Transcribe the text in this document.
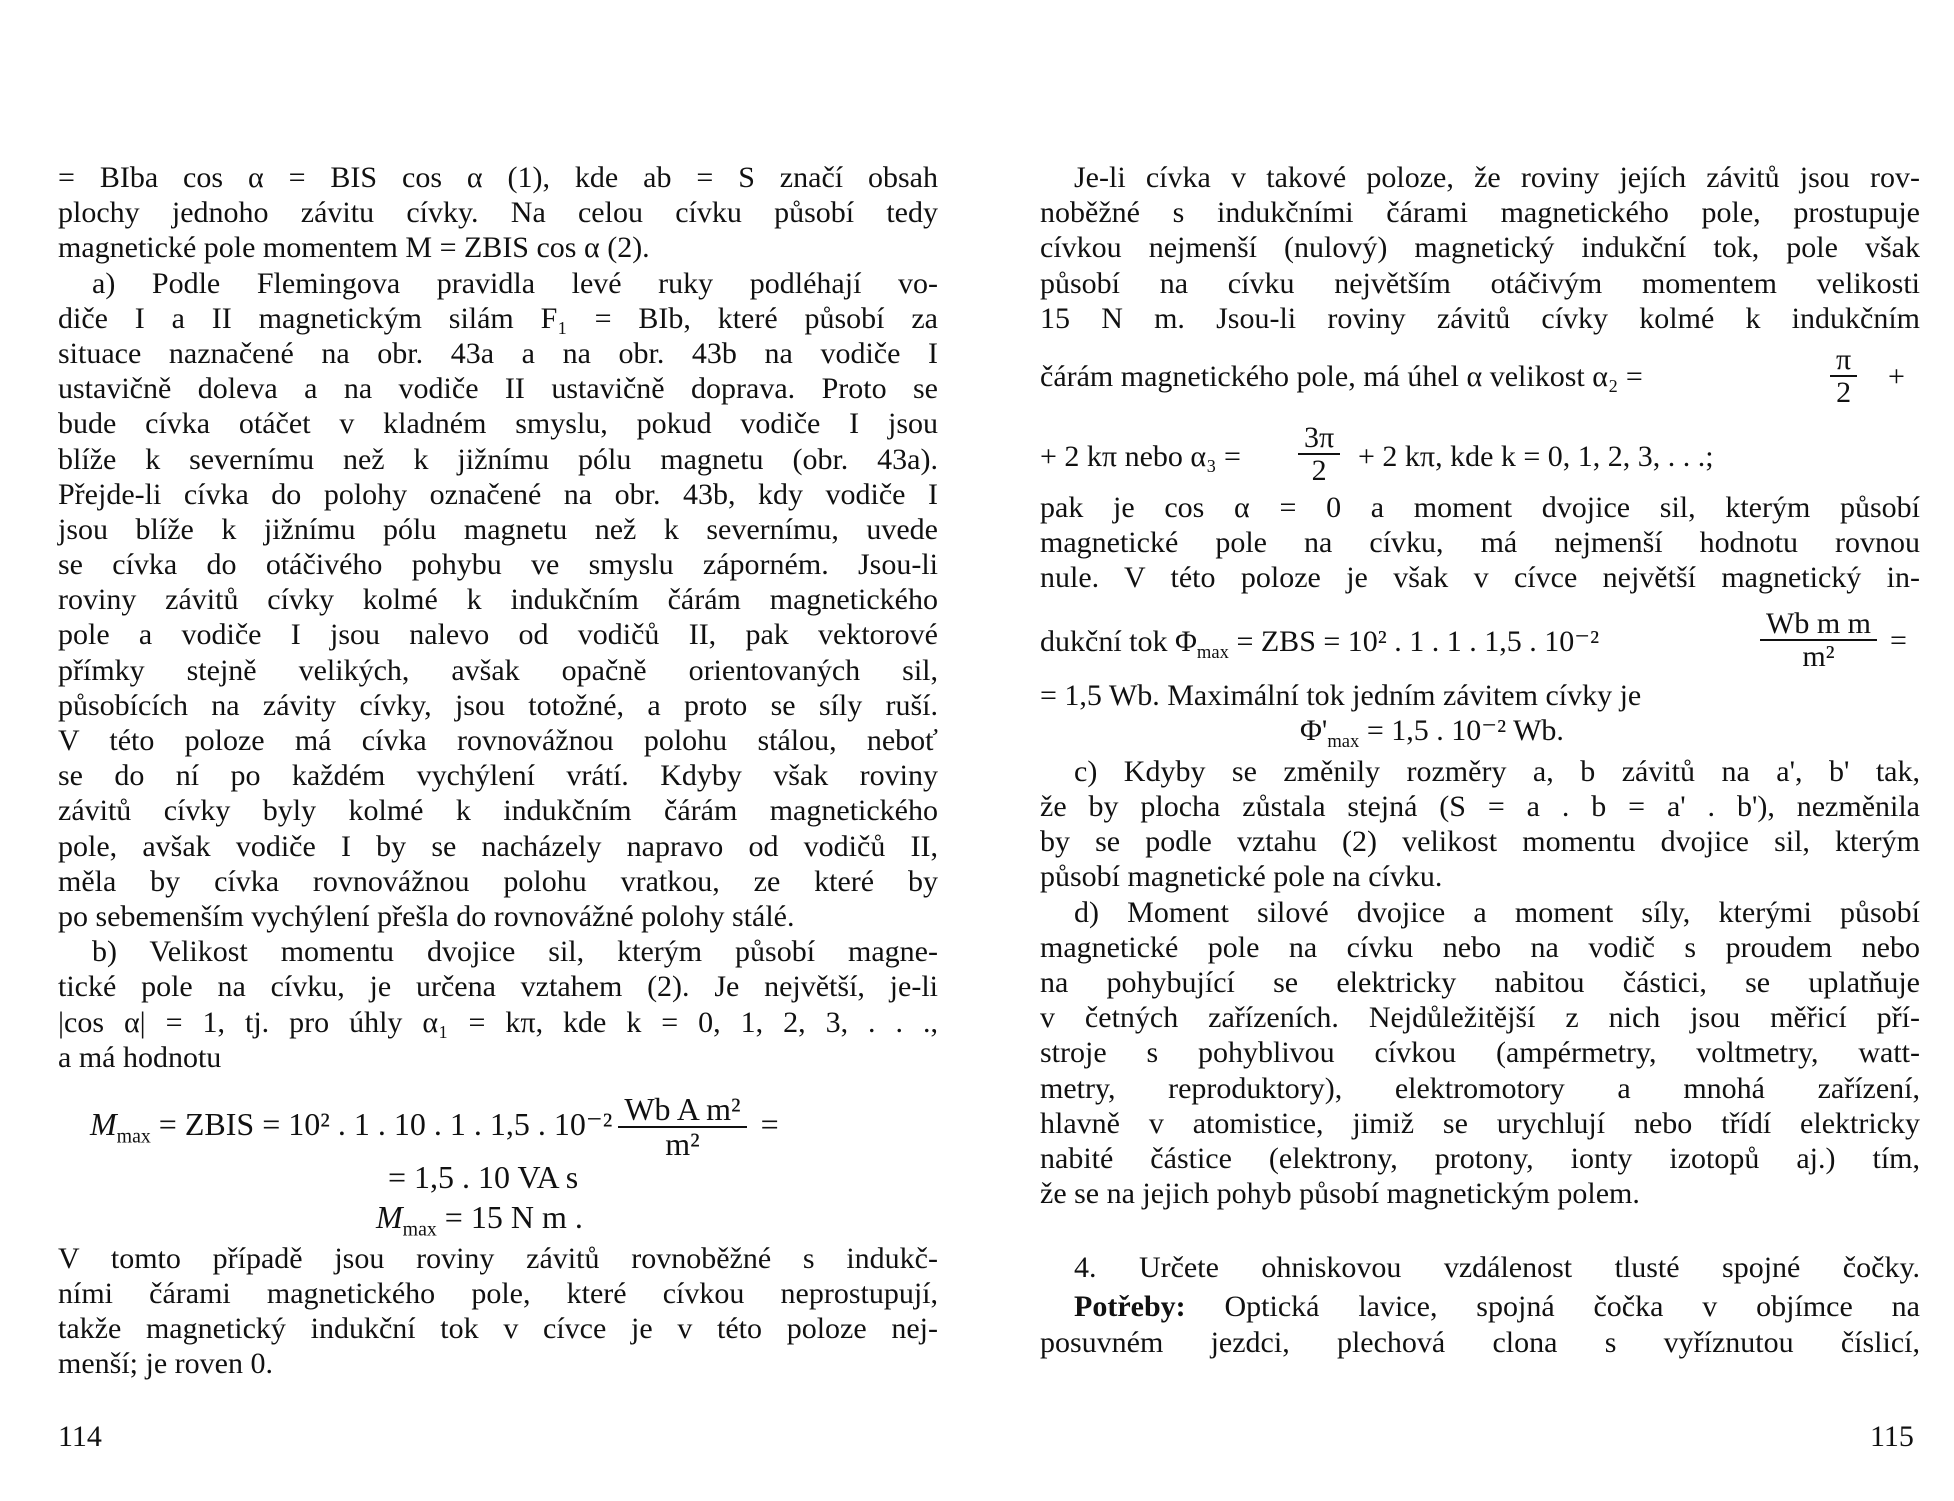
= BIba cos α = BIS cos α (1), kde ab = S značí obsah
plochy jednoho závitu cívky. Na celou cívku působí tedy
magnetické pole momentem M = ZBIS cos α (2).
a) Podle Flemingova pravidla levé ruky podléhají vo-
diče I a II magnetickým silám F₁ = BIb, které působí za
situace naznačené na obr. 43a a na obr. 43b na vodiče I
ustavičně doleva a na vodiče II ustavičně doprava. Proto se
bude cívka otáčet v kladném smyslu, pokud vodiče I jsou
blíže k severnímu než k jižnímu pólu magnetu (obr. 43a).
Přejde-li cívka do polohy označené na obr. 43b, kdy vodiče I
jsou blíže k jižnímu pólu magnetu než k severnímu, uvede
se cívka do otáčivého pohybu ve smyslu záporném. Jsou-li
roviny závitů cívky kolmé k indukčním čárám magnetického
pole a vodiče I jsou nalevo od vodičů II, pak vektorové
přímky stejně velikých, avšak opačně orientovaných sil,
působících na závity cívky, jsou totožné, a proto se síly ruší.
V této poloze má cívka rovnovážnou polohu stálou, neboť
se do ní po každém vychýlení vrátí. Kdyby však roviny
závitů cívky byly kolmé k indukčním čárám magnetického
pole, avšak vodiče I by se nacházely napravo od vodičů II,
měla by cívka rovnovážnou polohu vratkou, ze které by
po sebemenším vychýlení přešla do rovnovážné polohy stálé.
b) Velikost momentu dvojice sil, kterým působí magne-
tické pole na cívku, je určena vztahem (2). Je největší, je-li
|cos α| = 1, tj. pro úhly α₁ = kπ, kde k = 0, 1, 2, 3, . . .,
a má hodnotu
$M_{max}$ = ZBIS = 10² . 1 . 10 . 1 . 1,5 . $10^{-2} \frac{\text{Wb A m²}}{\text{m²}}$ =
= 1,5 . 10 VA s
$M_{max} = 15$ N m .
V tomto případě jsou roviny závitů rovnoběžné s indukč-
ními čárami magnetického pole, které cívkou neprostupují,
takže magnetický indukční tok v cívce je v této poloze nej-
menší; je roven 0.
Je-li cívka v takové poloze, že roviny jejích závitů jsou rov-
noběžné s indukčními čárami magnetického pole, prostupuje
cívkou nejmenší (nulový) magnetický indukční tok, pole však
působí na cívku největším otáčivým momentem velikosti
15 N m. Jsou-li roviny závitů cívky kolmé k indukčním
čárám magnetického pole, má úhel α velikost α₂ =	$\frac{\pi}{2}$ +
+ 2 kπ nebo $\alpha_3 = \frac{3\pi}{2} + 2$ kπ, kde k = 0, 1, 2, 3, . . .;
pak je cos α = 0 a moment dvojice sil, kterým působí
magnetické pole na cívku, má nejmenší hodnotu rovnou
nule. V této poloze je však v cívce největší magnetický in-
dukční tok $\Phi_{max}$ = ZBS = 10² . 1 . 1 . 1,5 . 10⁻²	$\frac{\text{Wb m m}}{\text{m²}}$ =
= 1,5 Wb. Maximální tok jedním závitem cívky je
$\Phi'_{max} = 1,5$ . 10⁻² Wb.
c) Kdyby se změnily rozměry a, b závitů na a', b' tak,
že by plocha zůstala stejná (S = a . b = a' . b'), nezměnila
by se podle vztahu (2) velikost momentu dvojice sil, kterým
působí magnetické pole na cívku.
d) Moment silové dvojice a moment síly, kterými působí
magnetické pole na cívku nebo na vodič s proudem nebo
na pohybující se elektricky nabitou částici, se uplatňuje
v četných zařízeních. Nejdůležitější z nich jsou měřicí pří-
stroje s pohyblivou cívkou (ampérmetry, voltmetry, watt-
metry, reproduktory), elektromotory a mnohá zařízení,
hlavně v atomistice, jimiž se urychlují nebo třídí elektricky
nabité částice (elektrony, protony, ionty izotopů aj.) tím,
že se na jejich pohyb působí magnetickým polem.
4. Určete ohniskovou vzdálenost tlusté spojné čočky.
Potřeby: Optická lavice, spojná čočka v objímce na
posuvném jezdci, plechová clona s vyříznutou číslicí,
114	115
